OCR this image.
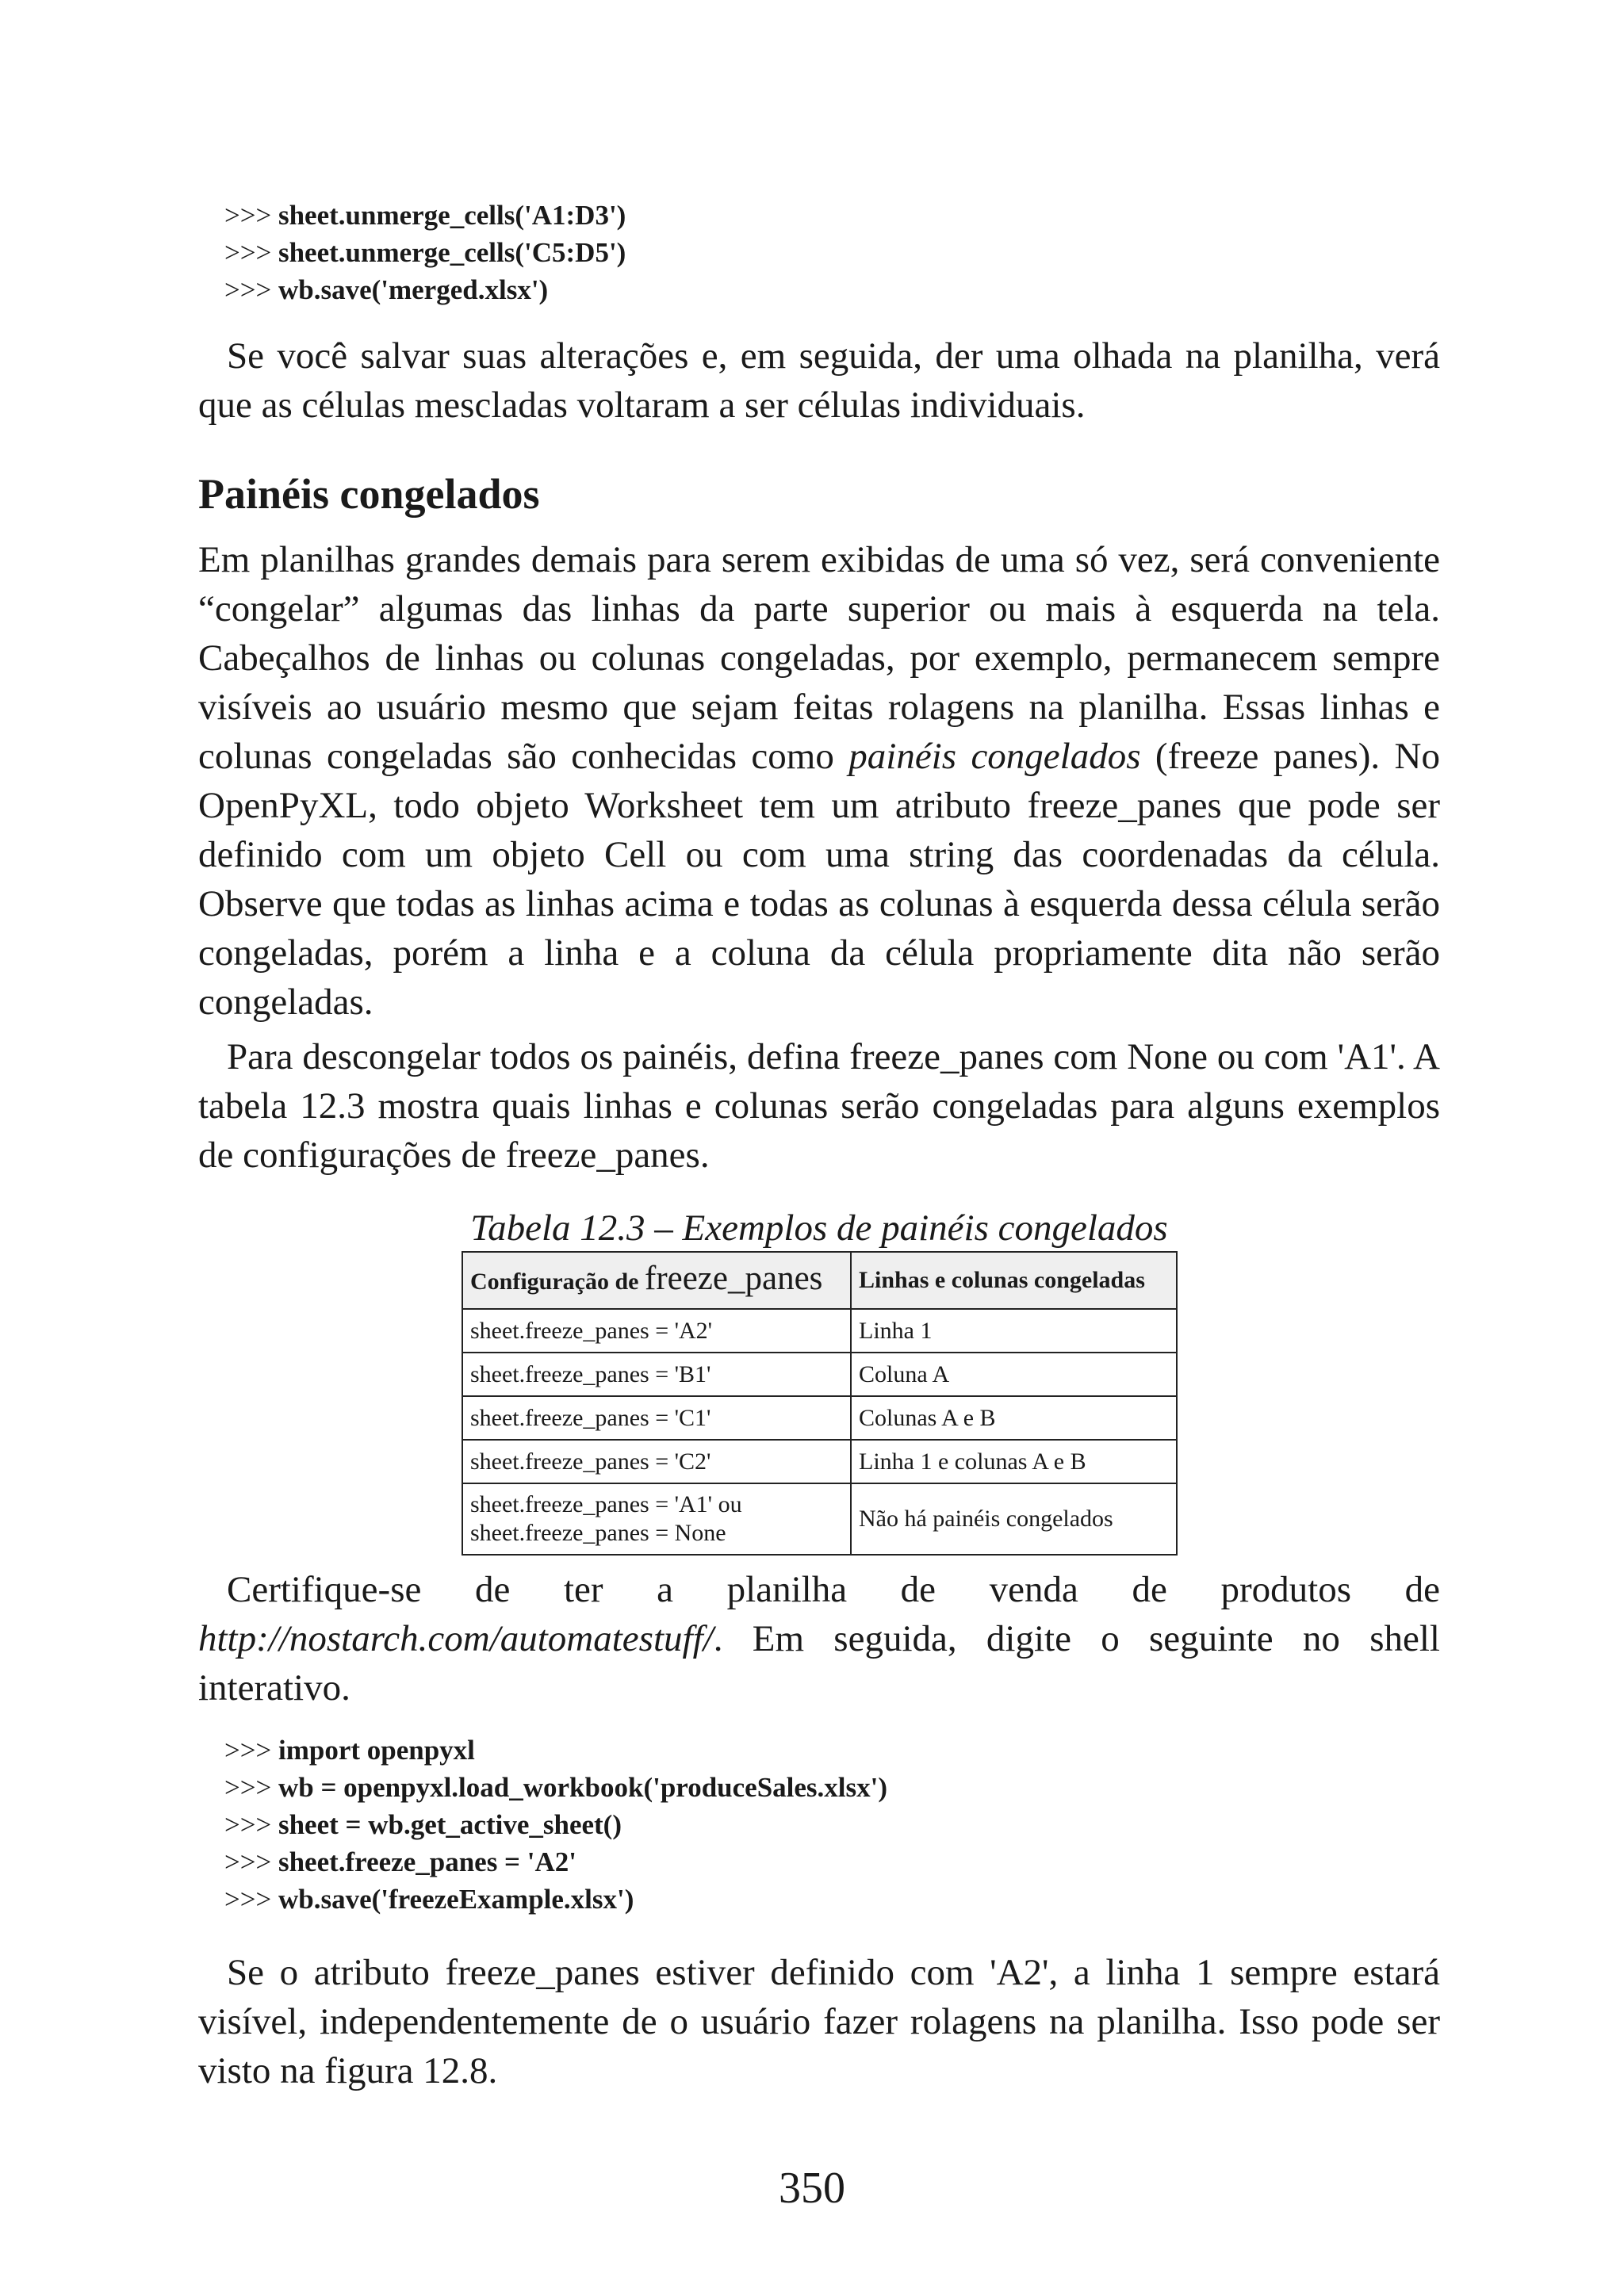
>>> sheet.unmerge_cells('A1:D3')
>>> sheet.unmerge_cells('C5:D5')
>>> wb.save('merged.xlsx')

Se você salvar suas alterações e, em seguida, der uma olhada na planilha, verá que as células mescladas voltaram a ser células individuais.

Painéis congelados

Em planilhas grandes demais para serem exibidas de uma só vez, será conveniente “congelar” algumas das linhas da parte superior ou mais à esquerda na tela. Cabeçalhos de linhas ou colunas congeladas, por exemplo, permanecem sempre visíveis ao usuário mesmo que sejam feitas rolagens na planilha. Essas linhas e colunas congeladas são conhecidas como painéis congelados (freeze panes). No OpenPyXL, todo objeto Worksheet tem um atributo freeze_panes que pode ser definido com um objeto Cell ou com uma string das coordenadas da célula. Observe que todas as linhas acima e todas as colunas à esquerda dessa célula serão congeladas, porém a linha e a coluna da célula propriamente dita não serão congeladas.

Para descongelar todos os painéis, defina freeze_panes com None ou com 'A1'. A tabela 12.3 mostra quais linhas e colunas serão congeladas para alguns exemplos de configurações de freeze_panes.

Tabela 12.3 – Exemplos de painéis congelados
Configuração de freeze_panes	Linhas e colunas congeladas
sheet.freeze_panes = 'A2'	Linha 1
sheet.freeze_panes = 'B1'	Coluna A
sheet.freeze_panes = 'C1'	Colunas A e B
sheet.freeze_panes = 'C2'	Linha 1 e colunas A e B

sheet.freeze_panes = 'A1' ou
sheet.freeze_panes = None	Não há painéis congelados

Certifique-se de ter a planilha de venda de produtos de http://nostarch.com/automatestuff/. Em seguida, digite o seguinte no shell interativo.

>>> import openpyxl
>>> wb = openpyxl.load_workbook('produceSales.xlsx')
>>> sheet = wb.get_active_sheet()
>>> sheet.freeze_panes = 'A2'
>>> wb.save('freezeExample.xlsx')

Se o atributo freeze_panes estiver definido com 'A2', a linha 1 sempre estará visível, independentemente de o usuário fazer rolagens na planilha. Isso pode ser visto na figura 12.8.

350
